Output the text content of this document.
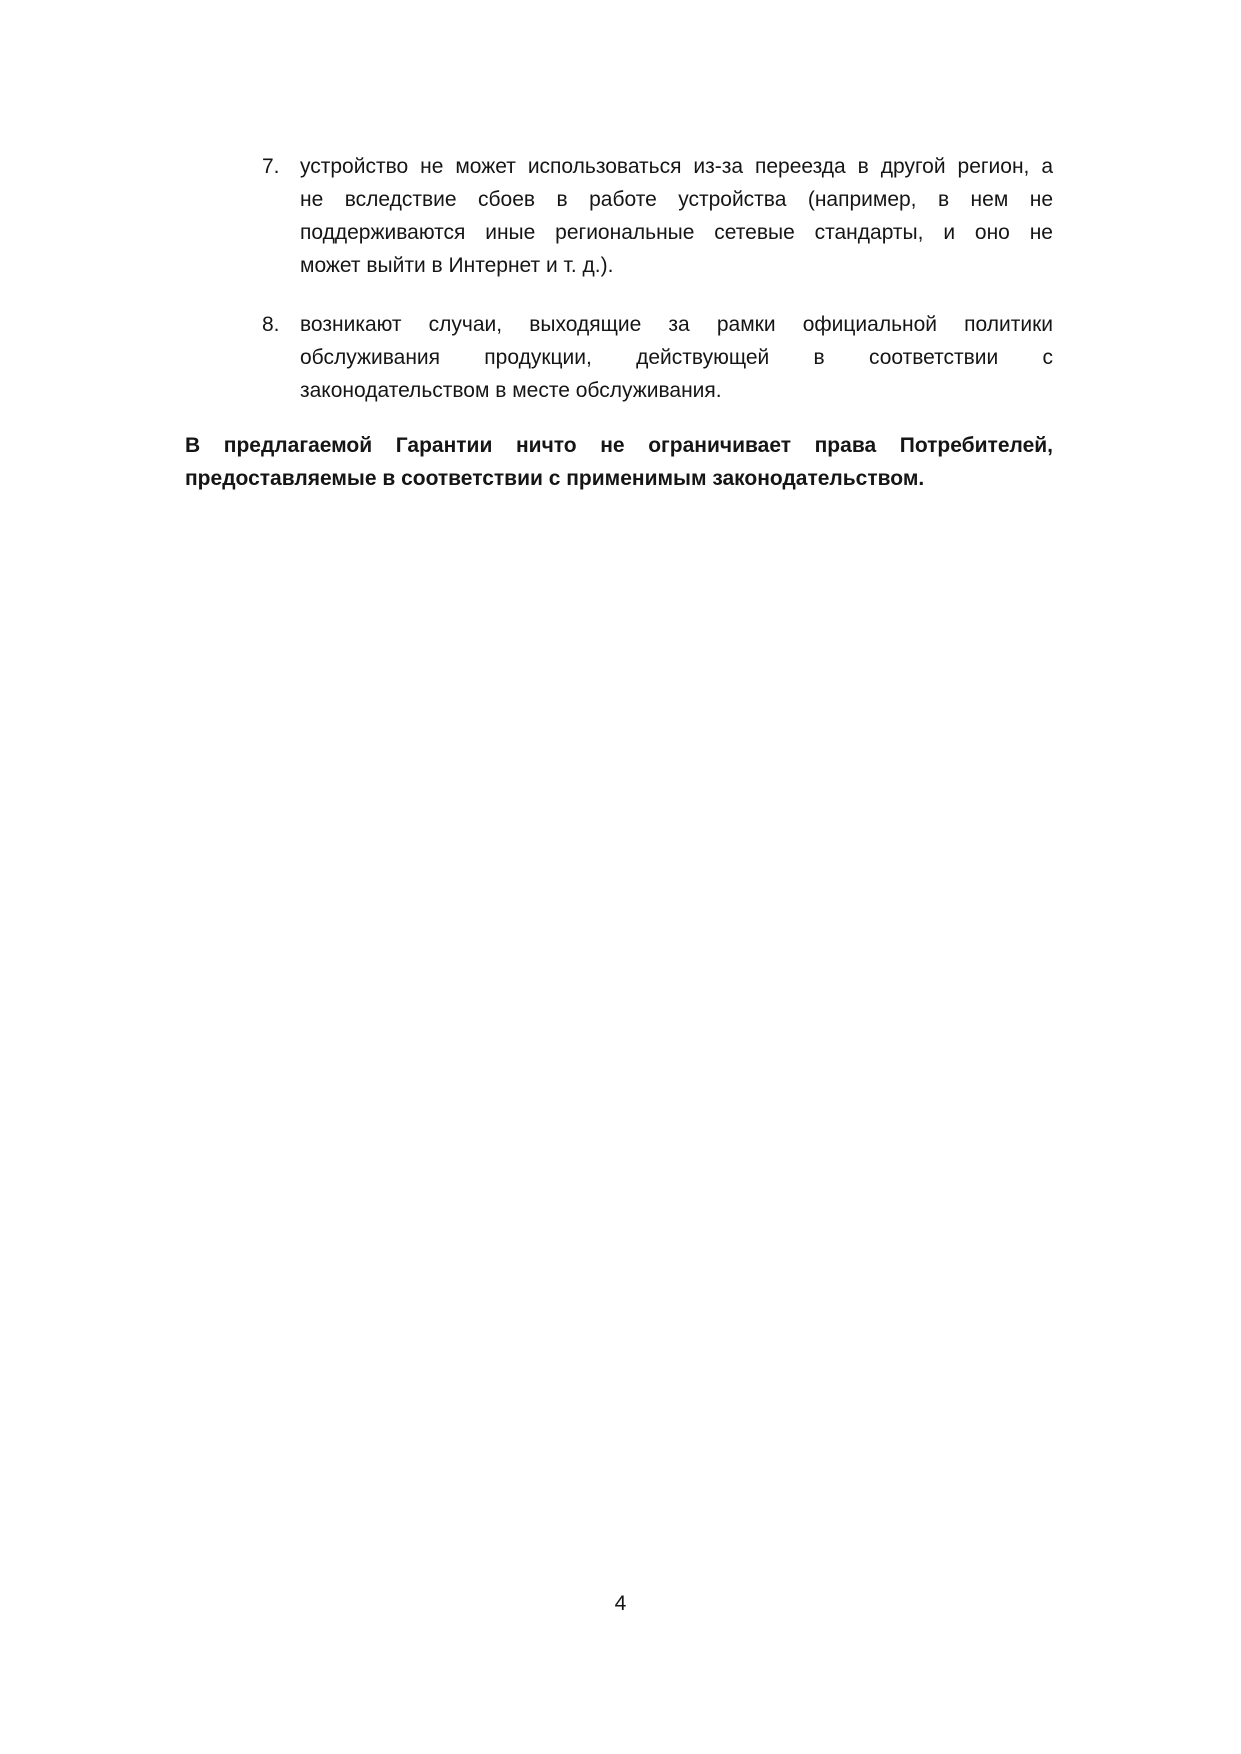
7. устройство не может использоваться из-за переезда в другой регион, а
не вследствие сбоев в работе устройства (например, в нем не
поддерживаются иные региональные сетевые стандарты, и оно не
может выйти в Интернет и т. д.).
8. возникают случаи, выходящие за рамки официальной политики
обслуживания продукции, действующей в соответствии с
законодательством в месте обслуживания.
В предлагаемой Гарантии ничто не ограничивает права Потребителей,
предоставляемые в соответствии с применимым законодательством.
4
